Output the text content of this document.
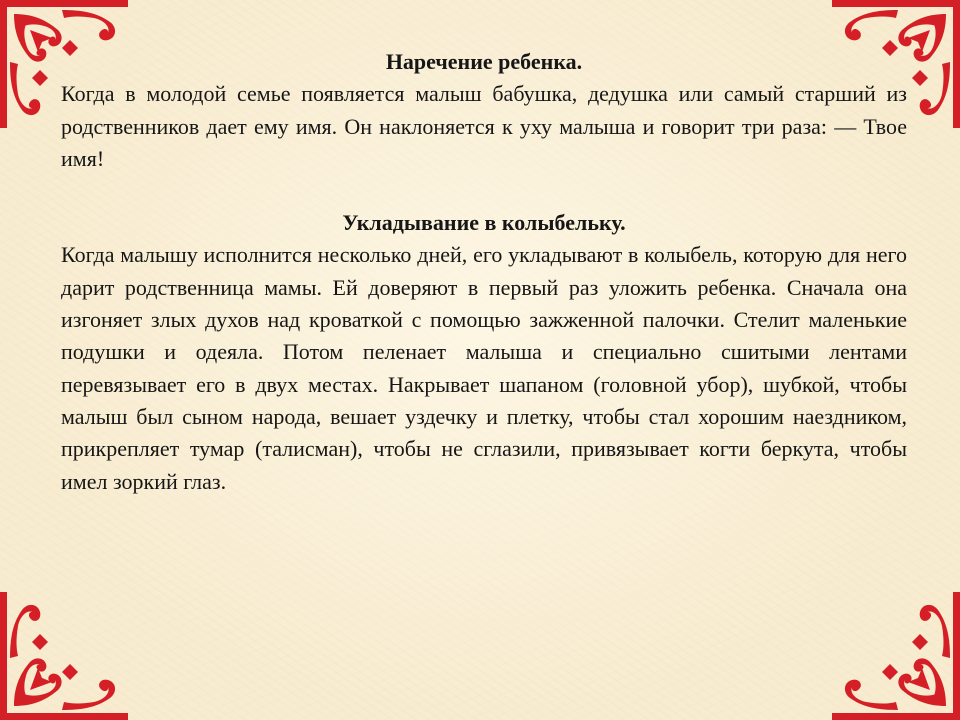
Наречение ребенка.

Когда в молодой семье появляется малыш бабушка, дедушка или самый старший из родственников дает ему имя. Он наклоняется к уху малыша и говорит три раза: — Твое имя!

Укладывание в колыбельку.

Когда малышу исполнится несколько дней, его укладывают в колыбель, которую для него дарит родственница мамы. Ей доверяют в первый раз уложить ребенка. Сначала она изгоняет злых духов над кроваткой с помощью зажженной палочки. Стелит маленькие подушки и одеяла. Потом пеленает малыша и специально сшитыми лентами перевязывает его в двух местах. Накрывает шапаном (головной убор), шубкой, чтобы малыш был сыном народа, вешает уздечку и плетку, чтобы стал хорошим наездником, прикрепляет тумар (талисман), чтобы не сглазили, привязывает когти беркута, чтобы имел зоркий глаз.
